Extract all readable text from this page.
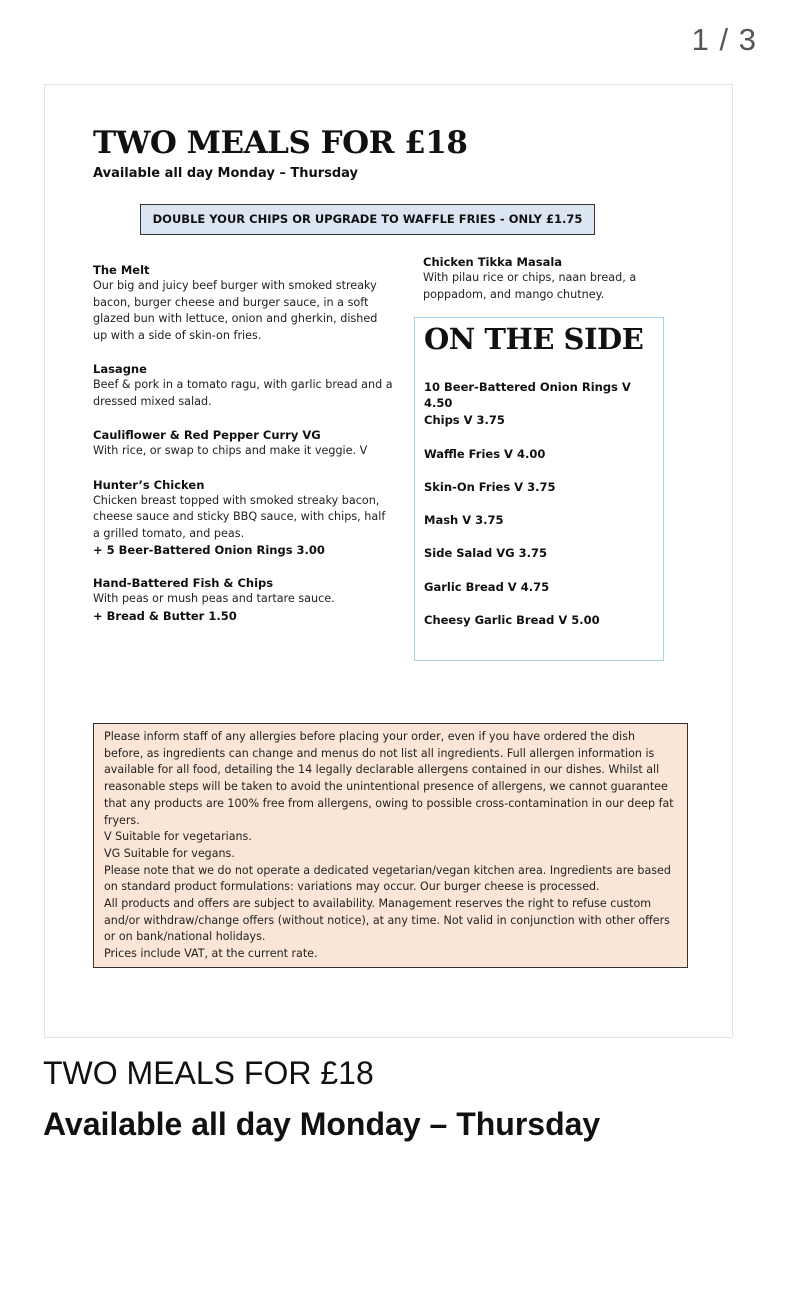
1 / 3
TWO MEALS FOR £18
Available all day Monday – Thursday
DOUBLE YOUR CHIPS OR UPGRADE TO WAFFLE FRIES - ONLY £1.75
The Melt
Our big and juicy beef burger with smoked streaky bacon, burger cheese and burger sauce, in a soft glazed bun with lettuce, onion and gherkin, dished up with a side of skin-on fries.
Lasagne
Beef & pork in a tomato ragu, with garlic bread and a dressed mixed salad.
Cauliflower & Red Pepper Curry VG
With rice, or swap to chips and make it veggie. V
Hunter’s Chicken
Chicken breast topped with smoked streaky bacon, cheese sauce and sticky BBQ sauce, with chips, half a grilled tomato, and peas.
+ 5 Beer-Battered Onion Rings 3.00
Hand-Battered Fish & Chips
With peas or mush peas and tartare sauce.
+ Bread & Butter 1.50
Chicken Tikka Masala
With pilau rice or chips, naan bread, a poppadom, and mango chutney.
ON THE SIDE
10 Beer-Battered Onion Rings V 4.50
Chips V 3.75
Waffle Fries V 4.00
Skin-On Fries V 3.75
Mash V 3.75
Side Salad VG 3.75
Garlic Bread V 4.75
Cheesy Garlic Bread V 5.00

Please inform staff of any allergies before placing your order, even if you have ordered the dish before, as ingredients can change and menus do not list all ingredients. Full allergen information is available for all food, detailing the 14 legally declarable allergens contained in our dishes. Whilst all reasonable steps will be taken to avoid the unintentional presence of allergens, we cannot guarantee that any products are 100% free from allergens, owing to possible cross-contamination in our deep fat fryers.

V Suitable for vegetarians.

VG Suitable for vegans.

Please note that we do not operate a dedicated vegetarian/vegan kitchen area. Ingredients are based on standard product formulations: variations may occur. Our burger cheese is processed.

All products and offers are subject to availability. Management reserves the right to refuse custom and/or withdraw/change offers (without notice), at any time. Not valid in conjunction with other offers or on bank/national holidays.

Prices include VAT, at the current rate.

TWO MEALS FOR £18
Available all day Monday – Thursday
